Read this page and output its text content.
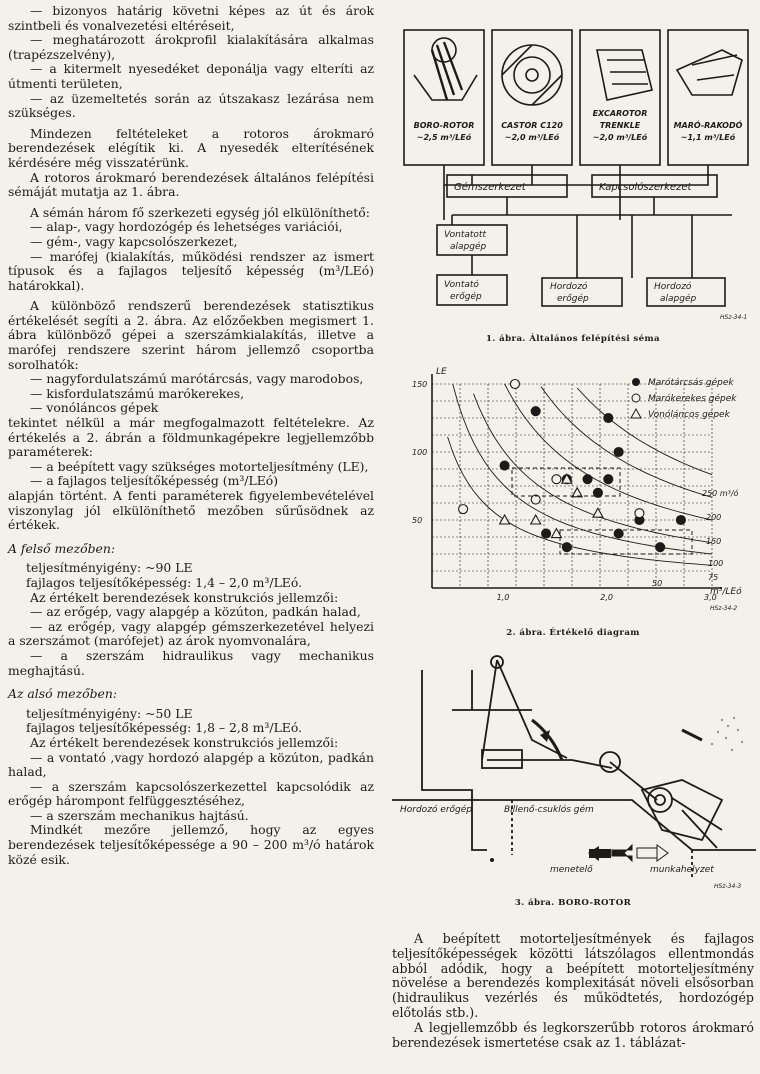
— bizonyos határig követni képes az út és árok szintbeli és vonalvezetési eltéréseit,

— meghatározott árokprofil kialakítására alkalmas (trapézszelvény),

— a kitermelt nyesedéket deponálja vagy elteríti az útmenti területen,

— az üzemeltetés során az útszakasz lezárása nem szükséges.

Mindezen feltételeket a rotoros árokmaró berendezések elégítik ki. A nyesedék elterítésének kérdésére még visszatérünk.

A rotoros árokmaró berendezések általános felépítési sémáját mutatja az 1. ábra.

A sémán három fő szerkezeti egység jól elkülöníthető:

— alap-, vagy hordozógép és lehetséges variációi,

— gém-, vagy kapcsolószerkezet,

— marófej (kialakítás, működési rendszer az ismert típusok és a fajlagos teljesítő képesség (m³/LEó) határokkal).

A különböző rendszerű berendezések statisztikus értékelését segíti a 2. ábra. Az előzőekben megismert 1. ábra különböző gépei a szerszámkialakítás, illetve a marófej rendszere szerint három jellemző csoportba sorolhatók:

— nagyfordulatszámú marótárcsás, vagy marodobos,

— kisfordulatszámú marókerekes,

— vonóláncos gépek

tekintet nélkül a már megfogalmazott feltételekre. Az értékelés a 2. ábrán a földmunkagépekre legjellemzőbb paraméterek:

— a beépített vagy szükséges motorteljesítmény (LE),

— a fajlagos teljesítőképesség (m³/LEó)

alapján történt. A fenti paraméterek figyelembevételével viszonylag jól elkülöníthető mezőben sűrűsödnek az értékek.

A felső mezőben:

teljesítményigény: ~90 LE

fajlagos teljesítőképesség: 1,4 – 2,0 m³/LEó.

Az értékelt berendezések konstrukciós jellemzői:

— az erőgép, vagy alapgép a közúton, padkán halad,

— az erőgép, vagy alapgép gémszerkezetével helyezi a szerszámot (marófejet) az árok nyomvonalára,

— a szerszám hidraulikus vagy mechanikus meghajtású.

Az alsó mezőben:

teljesítményigény: ~50 LE

fajlagos teljesítőképesség: 1,8 – 2,8 m³/LEó.

Az értékelt berendezések konstrukciós jellemzői:

— a vontató ,vagy hordozó alapgép a közúton, padkán halad,

— a szerszám kapcsolószerkezettel kapcsolódik az erőgép hárompont felfüggesztéséhez,

— a szerszám mechanikus hajtású.

Mindkét mezőre jellemző, hogy az egyes berendezések teljesítőképessége a 90 – 200 m³/ó határok közé esik.

BORO-ROTOR
~2,5 m³/LEó
CASTOR C120
~2,0 m³/LEó
EXCAROTOR
TRENKLE
~2,0 m³/LEó
MARÓ-RAKODÓ
~1,1 m³/LEó
Gémszerkezet	Kapcsolószerkezet
Vontatott
alapgép
Vontató
erőgép
Hordozó
erőgép
Hordozó
alapgép
HSz-34-1
1. ábra. Általános felépítési séma
1,0	2,0	3,0
50
100
150	Marótárcsás gépek
Marókerekes gépek
Vonóláncos gépek
LE
m³/LEó
250 m³/ó
200
150
100
75
50
HSz-34-2
2. ábra. Értékelő diagram
Hordozó erőgép	Billenő-csuklós gém
menetelő	munkahelyzet
HSz-34-3
3. ábra. BORO-ROTOR

A beépített motorteljesítmények és fajlagos teljesítőképességek közötti látszólagos ellentmondás abból adódik, hogy a beépített motorteljesítmény növelése a berendezés komplexitását növeli elsősorban (hidraulikus vezérlés és működtetés, hordozógép előtolás stb.).

A legjellemzőbb és legkorszerűbb rotoros árokmaró berendezések ismertetése csak az 1. táblázat-
